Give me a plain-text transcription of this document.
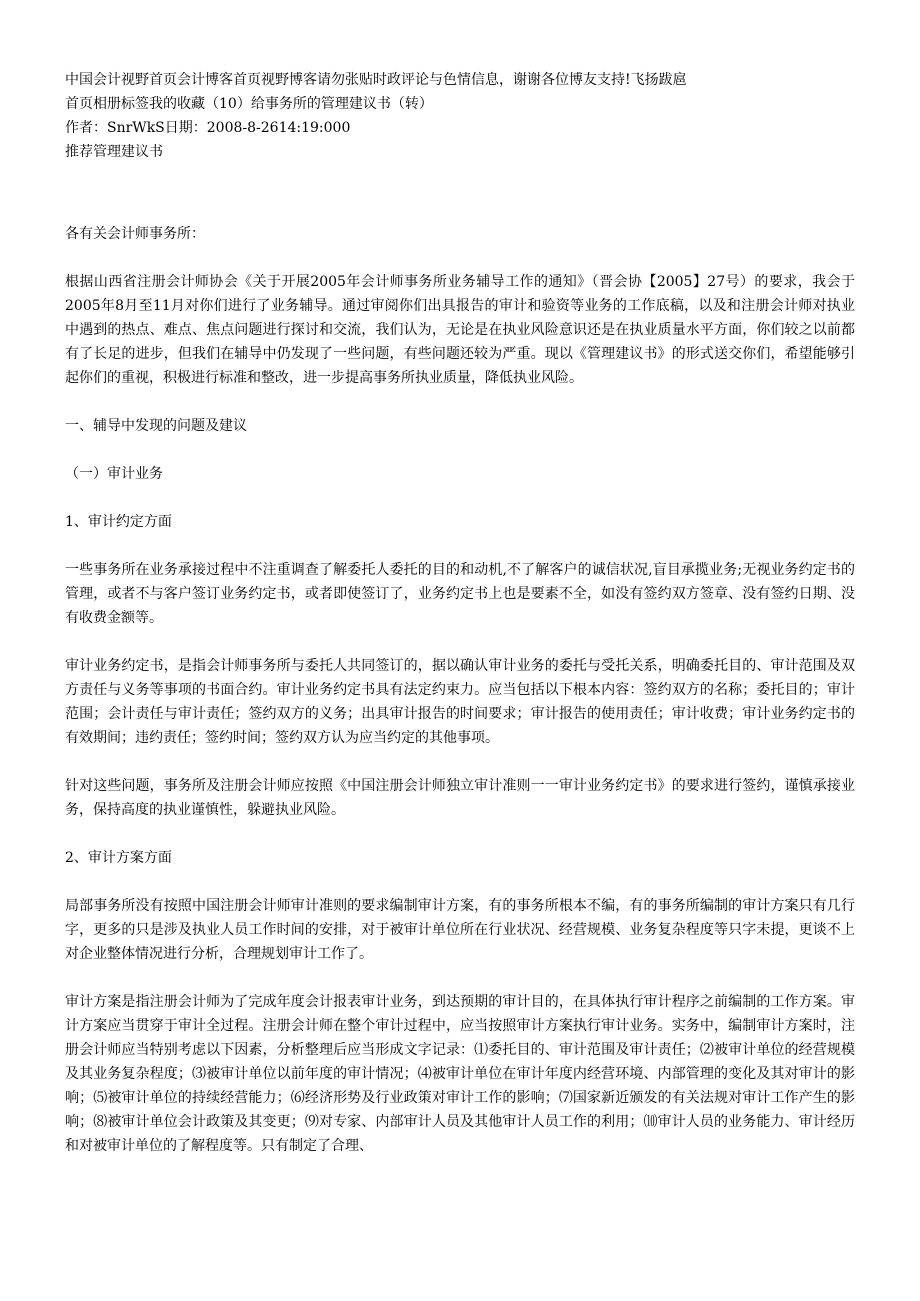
中国会计视野首页会计博客首页视野博客请勿张贴时政评论与色情信息，谢谢各位博友支持!飞扬跋扈

首页相册标签我的收藏（10）给事务所的管理建议书（转）

作者：SnrWkS日期：2008-8-2614:19:000

推荐管理建议书

各有关会计师事务所：

根据山西省注册会计师协会《关于开展2005年会计师事务所业务辅导工作的通知》（晋会协【2005】27号）的要求，我会于2005年8月至11月对你们进行了业务辅导。通过审阅你们出具报告的审计和验资等业务的工作底稿，以及和注册会计师对执业中遇到的热点、难点、焦点问题进行探讨和交流，我们认为，无论是在执业风险意识还是在执业质量水平方面，你们较之以前都有了长足的进步，但我们在辅导中仍发现了一些问题，有些问题还较为严重。现以《管理建议书》的形式送交你们，希望能够引起你们的重视，积极进行标准和整改，进一步提高事务所执业质量，降低执业风险。

一、辅导中发现的问题及建议

（一）审计业务

1、审计约定方面

一些事务所在业务承接过程中不注重调查了解委托人委托的目的和动机,不了解客户的诚信状况,盲目承揽业务;无视业务约定书的管理，或者不与客户签订业务约定书，或者即使签订了，业务约定书上也是要素不全，如没有签约双方签章、没有签约日期、没有收费金额等。

审计业务约定书，是指会计师事务所与委托人共同签订的，据以确认审计业务的委托与受托关系，明确委托目的、审计范围及双方责任与义务等事项的书面合约。审计业务约定书具有法定约束力。应当包括以下根本内容：签约双方的名称；委托目的；审计范围；会计责任与审计责任；签约双方的义务；出具审计报告的时间要求；审计报告的使用责任；审计收费；审计业务约定书的有效期间；违约责任；签约时间；签约双方认为应当约定的其他事项。

针对这些问题，事务所及注册会计师应按照《中国注册会计师独立审计准则一一审计业务约定书》的要求进行签约，谨慎承接业务，保持高度的执业谨慎性，躲避执业风险。

2、审计方案方面

局部事务所没有按照中国注册会计师审计准则的要求编制审计方案，有的事务所根本不编，有的事务所编制的审计方案只有几行字，更多的只是涉及执业人员工作时间的安排，对于被审计单位所在行业状况、经营规模、业务复杂程度等只字未提，更谈不上对企业整体情况进行分析，合理规划审计工作了。

审计方案是指注册会计师为了完成年度会计报表审计业务，到达预期的审计目的，在具体执行审计程序之前编制的工作方案。审计方案应当贯穿于审计全过程。注册会计师在整个审计过程中，应当按照审计方案执行审计业务。实务中，编制审计方案时，注册会计师应当特别考虑以下因素，分析整理后应当形成文字记录：⑴委托目的、审计范围及审计责任；⑵被审计单位的经营规模及其业务复杂程度；⑶被审计单位以前年度的审计情况；⑷被审计单位在审计年度内经营环境、内部管理的变化及其对审计的影响；⑸被审计单位的持续经营能力；⑹经济形势及行业政策对审计工作的影响；⑺国家新近颁发的有关法规对审计工作产生的影响；⑻被审计单位会计政策及其变更；⑼对专家、内部审计人员及其他审计人员工作的利用；⑽审计人员的业务能力、审计经历和对被审计单位的了解程度等。只有制定了合理、
